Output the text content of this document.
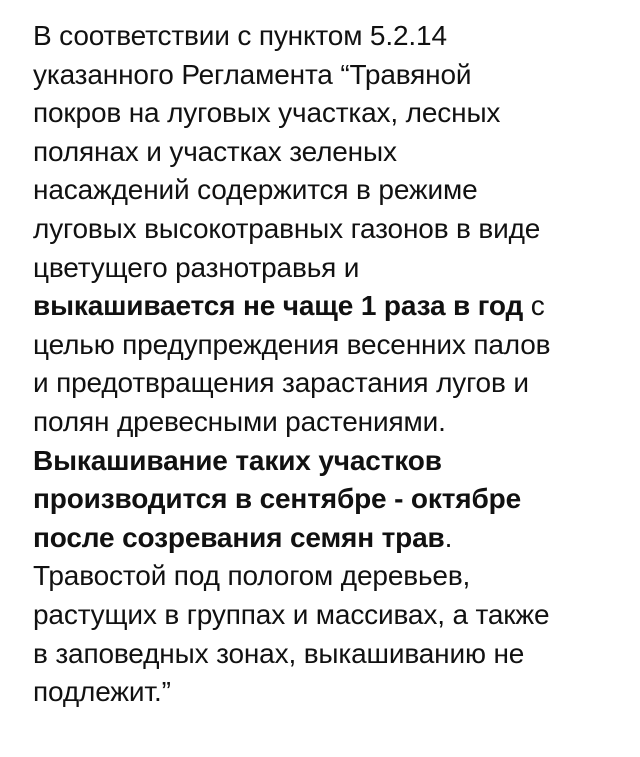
В соответствии с пунктом 5.2.14
указанного Регламента “Травяной
покров на луговых участках, лесных
полянах и участках зеленых
насаждений содержится в режиме
луговых высокотравных газонов в виде
цветущего разнотравья и
выкашивается не чаще 1 раза в год с
целью предупреждения весенних палов
и предотвращения зарастания лугов и
полян древесными растениями.
Выкашивание таких участков
производится в сентябре - октябре
после созревания семян трав.
Травостой под пологом деревьев,
растущих в группах и массивах, а также
в заповедных зонах, выкашиванию не
подлежит.”
